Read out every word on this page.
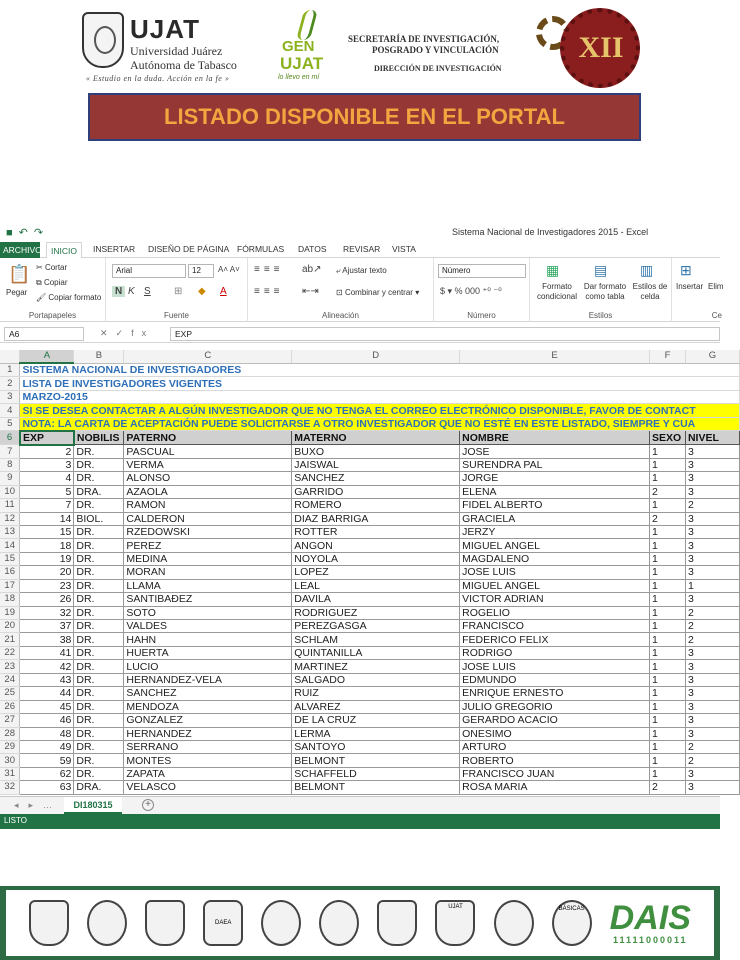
UJAT
Universidad Juárez
Autónoma de Tabasco
« Estudio en la duda. Acción en la fe »
GEN
UJAT
lo llevo en mí
SECRETARÍA DE INVESTIGACIÓN,
POSGRADO Y VINCULACIÓN
DIRECCIÓN DE INVESTIGACIÓN
XII
LISTADO DISPONIBLE EN EL PORTAL
■↶↷	Sistema Nacional de Investigadores 2015 - Excel
ARCHIVO	INICIO	INSERTAR DISEÑO DE PÁGINA FÓRMULAS DATOS REVISAR VISTA
📋
Pegar
✂ Cortar
⧉ Copiar
🖌 Copiar formato
Portapapeles
Arial	12	A˄ A˅
N K S ⊞ ◆ A
Fuente
≡≡≡ ab↗ ⤶ Ajustar texto
≡≡≡ ⇤⇥ ⊡ Combinar y centrar ▾
Alineación
Número
$ ▾ % 000 ⁺⁰ ⁻⁰
Número
▦
Formato condicional
▤
Dar formato como tabla
▥
Estilos de celda
Estilos
⊞
Insertar Elim
Ce
A6	✕✓fx	EXP
	A	B	C	D	E	F	G
1	SISTEMA NACIONAL DE INVESTIGADORES						
2	LISTA DE INVESTIGADORES VIGENTES						
3	MARZO-2015						
4	SI SE DESEA CONTACTAR A ALGÚN INVESTIGADOR QUE NO TENGA EL CORREO ELECTRÓNICO DISPONIBLE, FAVOR DE CONTACT						
5	NOTA: LA CARTA DE ACEPTACIÓN PUEDE SOLICITARSE A OTRO INVESTIGADOR QUE NO ESTÉ EN ESTE LISTADO, SIEMPRE Y CUA						
6	EXP	NOBILIS	PATERNO	MATERNO	NOMBRE	SEXO	NIVEL
7	2	DR.	PASCUAL	BUXO	JOSE	1	3
8	3	DR.	VERMA	JAISWAL	SURENDRA PAL	1	3
9	4	DR.	ALONSO	SANCHEZ	JORGE	1	3
10	5	DRA.	AZAOLA	GARRIDO	ELENA	2	3
11	7	DR.	RAMON	ROMERO	FIDEL ALBERTO	1	2
12	14	BIOL.	CALDERON	DIAZ BARRIGA	GRACIELA	2	3
13	15	DR.	RZEDOWSKI	ROTTER	JERZY	1	3
14	18	DR.	PEREZ	ANGON	MIGUEL ANGEL	1	3
15	19	DR.	MEDINA	NOYOLA	MAGDALENO	1	3
16	20	DR.	MORAN	LOPEZ	JOSE LUIS	1	3
17	23	DR.	LLAMA	LEAL	MIGUEL ANGEL	1	1
18	26	DR.	SANTIBAÐEZ	DAVILA	VICTOR ADRIAN	1	3
19	32	DR.	SOTO	RODRIGUEZ	ROGELIO	1	2
20	37	DR.	VALDES	PEREZGASGA	FRANCISCO	1	2
21	38	DR.	HAHN	SCHLAM	FEDERICO FELIX	1	2
22	41	DR.	HUERTA	QUINTANILLA	RODRIGO	1	3
23	42	DR.	LUCIO	MARTINEZ	JOSE LUIS	1	3
24	43	DR.	HERNANDEZ-VELA	SALGADO	EDMUNDO	1	3
25	44	DR.	SANCHEZ	RUIZ	ENRIQUE ERNESTO	1	3
26	45	DR.	MENDOZA	ALVAREZ	JULIO GREGORIO	1	3
27	46	DR.	GONZALEZ	DE LA CRUZ	GERARDO ACACIO	1	3
28	48	DR.	HERNANDEZ	LERMA	ONESIMO	1	3
29	49	DR.	SERRANO	SANTOYO	ARTURO	1	2
30	59	DR.	MONTES	BELMONT	ROBERTO	1	2
31	62	DR.	ZAPATA	SCHAFFELD	FRANCISCO JUAN	1	3
32	63	DRA.	VELASCO	BELMONT	ROSA MARIA	2	3
◂▸…	DI180315	+
LISTO
DAEA
UJAT	BÁSICAS DAIS
11111000011
